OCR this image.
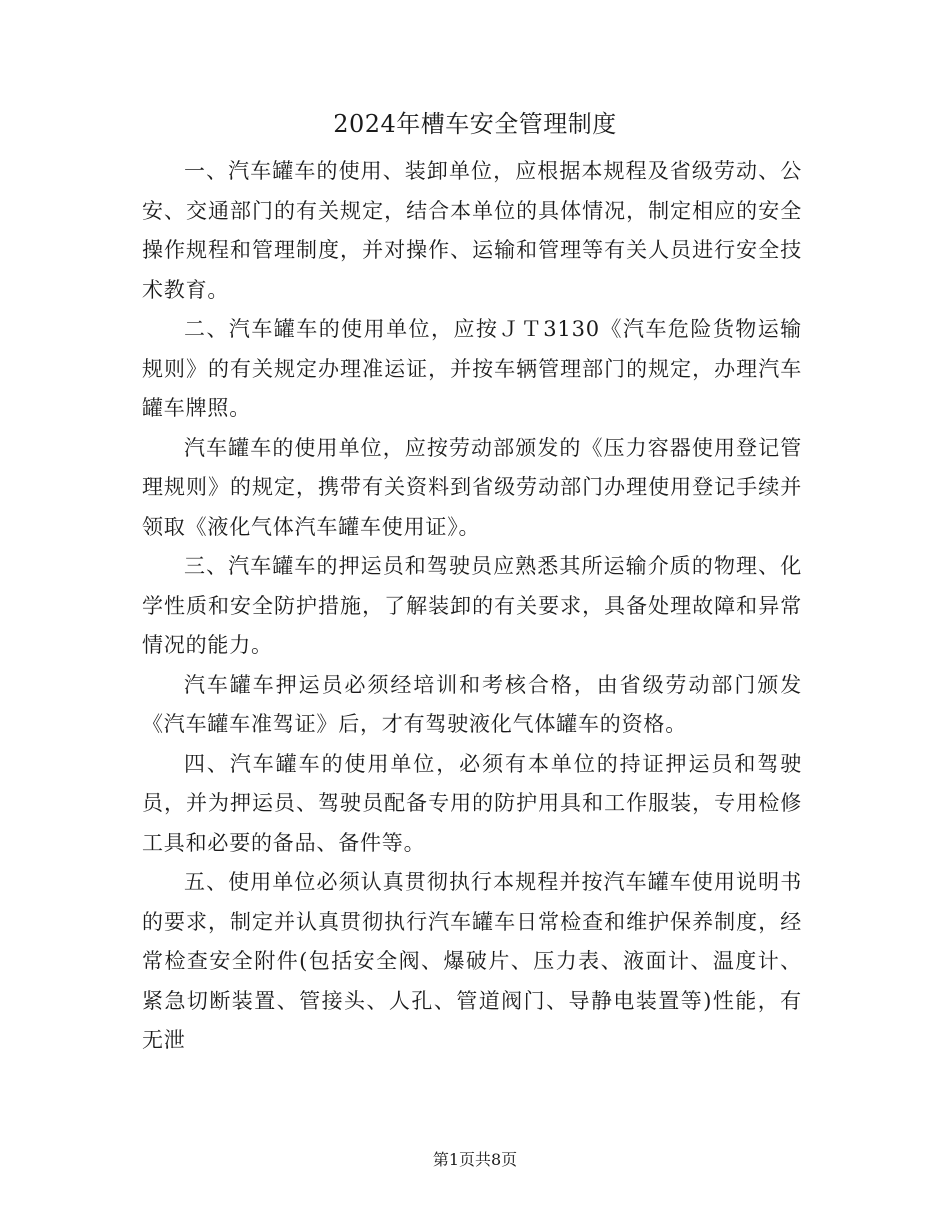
2024年槽车安全管理制度

一、汽车罐车的使用、装卸单位，应根据本规程及省级劳动、公安、交通部门的有关规定，结合本单位的具体情况，制定相应的安全操作规程和管理制度，并对操作、运输和管理等有关人员进行安全技术教育。

二、汽车罐车的使用单位，应按ＪＴ3130《汽车危险货物运输规则》的有关规定办理准运证，并按车辆管理部门的规定，办理汽车罐车牌照。

汽车罐车的使用单位，应按劳动部颁发的《压力容器使用登记管理规则》的规定，携带有关资料到省级劳动部门办理使用登记手续并领取《液化气体汽车罐车使用证》。

三、汽车罐车的押运员和驾驶员应熟悉其所运输介质的物理、化学性质和安全防护措施，了解装卸的有关要求，具备处理故障和异常情况的能力。

汽车罐车押运员必须经培训和考核合格，由省级劳动部门颁发《汽车罐车准驾证》后，才有驾驶液化气体罐车的资格。

四、汽车罐车的使用单位，必须有本单位的持证押运员和驾驶员，并为押运员、驾驶员配备专用的防护用具和工作服装，专用检修工具和必要的备品、备件等。

五、使用单位必须认真贯彻执行本规程并按汽车罐车使用说明书的要求，制定并认真贯彻执行汽车罐车日常检查和维护保养制度，经常检查安全附件(包括安全阀、爆破片、压力表、液面计、温度计、紧急切断装置、管接头、人孔、管道阀门、导静电装置等)性能，有无泄

第1页共8页
